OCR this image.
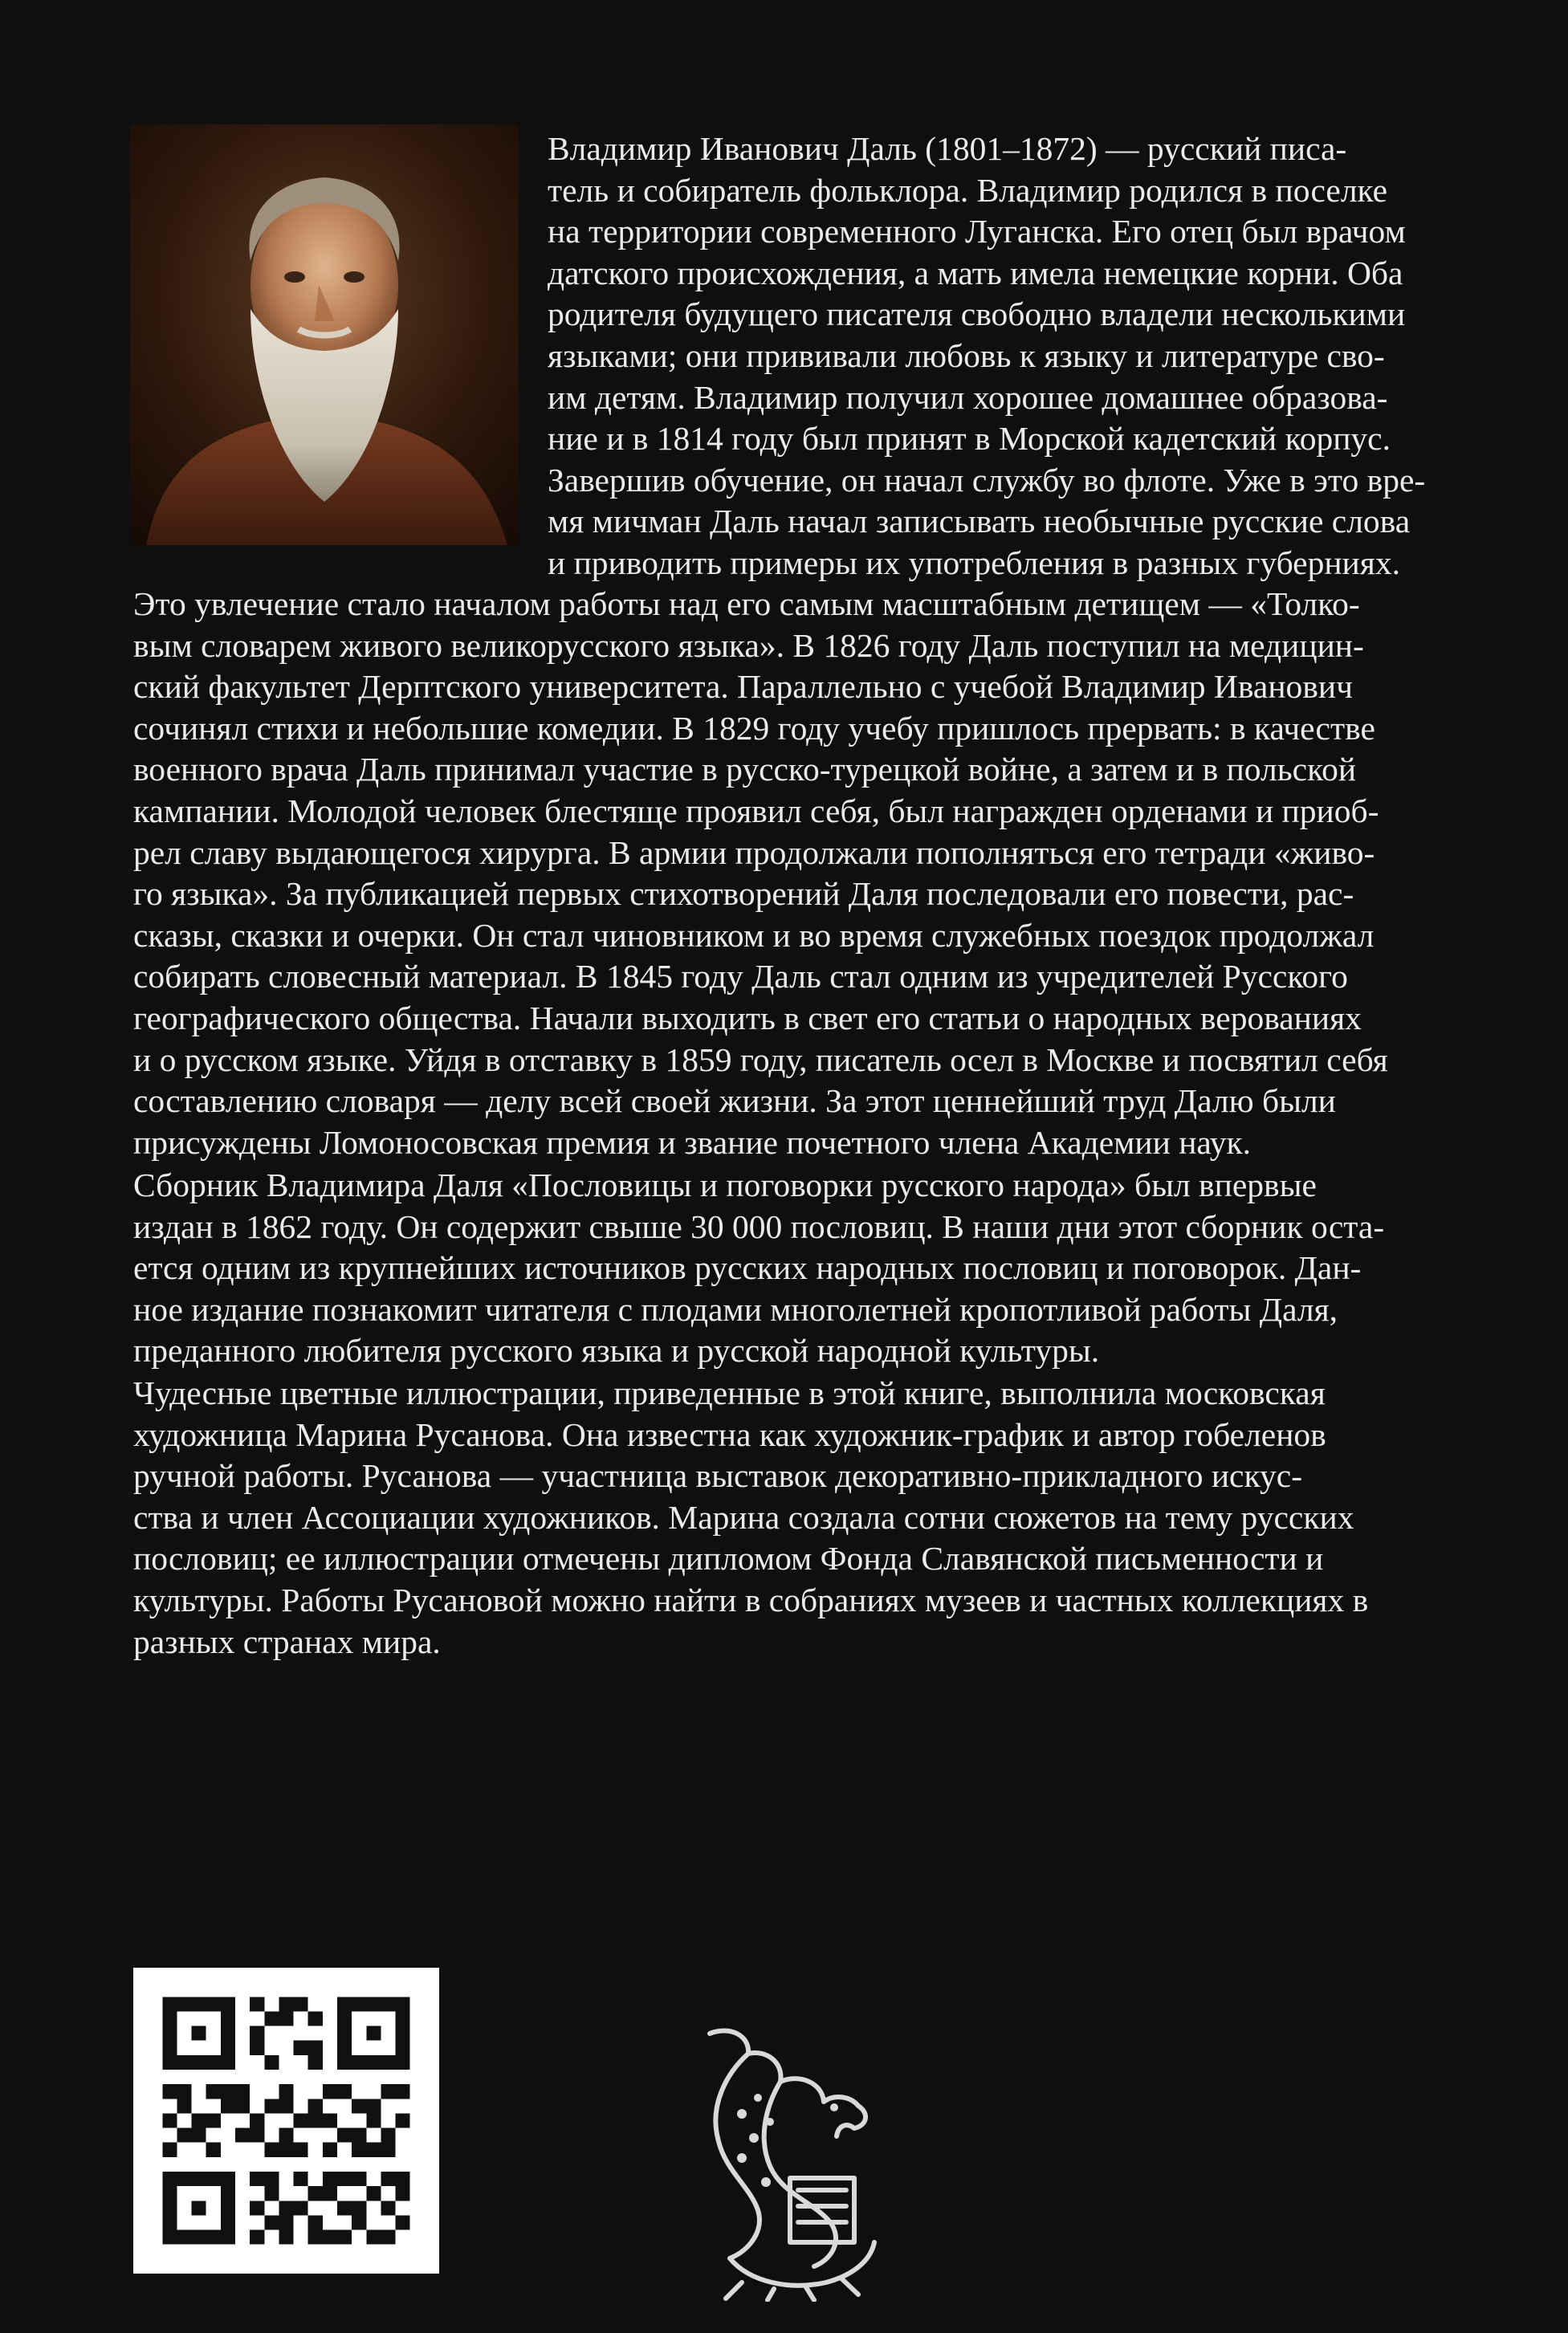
Владимир Иванович Даль (1801–1872) — русский писа-

тель и собиратель фольклора. Владимир родился в поселке

на территории современного Луганска. Его отец был врачом

датского происхождения, а мать имела немецкие корни. Оба

родителя будущего писателя свободно владели несколькими

языками; они прививали любовь к языку и литературе сво-

им детям. Владимир получил хорошее домашнее образова-

ние и в 1814 году был принят в Морской кадетский корпус.

Завершив обучение, он начал службу во флоте. Уже в это вре-

мя мичман Даль начал записывать необычные русские слова

и приводить примеры их употребления в разных губерниях.

Это увлечение стало началом работы над его самым масштабным детищем — «Толко-

вым словарем живого великорусского языка». В 1826 году Даль поступил на медицин-

ский факультет Дерптского университета. Параллельно с учебой Владимир Иванович

сочинял стихи и небольшие комедии. В 1829 году учебу пришлось прервать: в качестве

военного врача Даль принимал участие в русско-турецкой войне, а затем и в польской

кампании. Молодой человек блестяще проявил себя, был награжден орденами и приоб-

рел славу выдающегося хирурга. В армии продолжали пополняться его тетради «живо-

го языка». За публикацией первых стихотворений Даля последовали его повести, рас-

сказы, сказки и очерки. Он стал чиновником и во время служебных поездок продолжал

собирать словесный материал. В 1845 году Даль стал одним из учредителей Русского

географического общества. Начали выходить в свет его статьи о народных верованиях

и о русском языке. Уйдя в отставку в 1859 году, писатель осел в Москве и посвятил себя

составлению словаря — делу всей своей жизни. За этот ценнейший труд Далю были

присуждены Ломоносовская премия и звание почетного члена Академии наук.

Сборник Владимира Даля «Пословицы и поговорки русского народа» был впервые

издан в 1862 году. Он содержит свыше 30 000 пословиц. В наши дни этот сборник оста-

ется одним из крупнейших источников русских народных пословиц и поговорок. Дан-

ное издание познакомит читателя с плодами многолетней кропотливой работы Даля,

преданного любителя русского языка и русской народной культуры.

Чудесные цветные иллюстрации, приведенные в этой книге, выполнила московская

художница Марина Русанова. Она известна как художник-график и автор гобеленов

ручной работы. Русанова — участница выставок декоративно-прикладного искус-

ства и член Ассоциации художников. Марина создала сотни сюжетов на тему русских

пословиц; ее иллюстрации отмечены дипломом Фонда Славянской письменности и

культуры. Работы Русановой можно найти в собраниях музеев и частных коллекциях в

разных странах мира.
